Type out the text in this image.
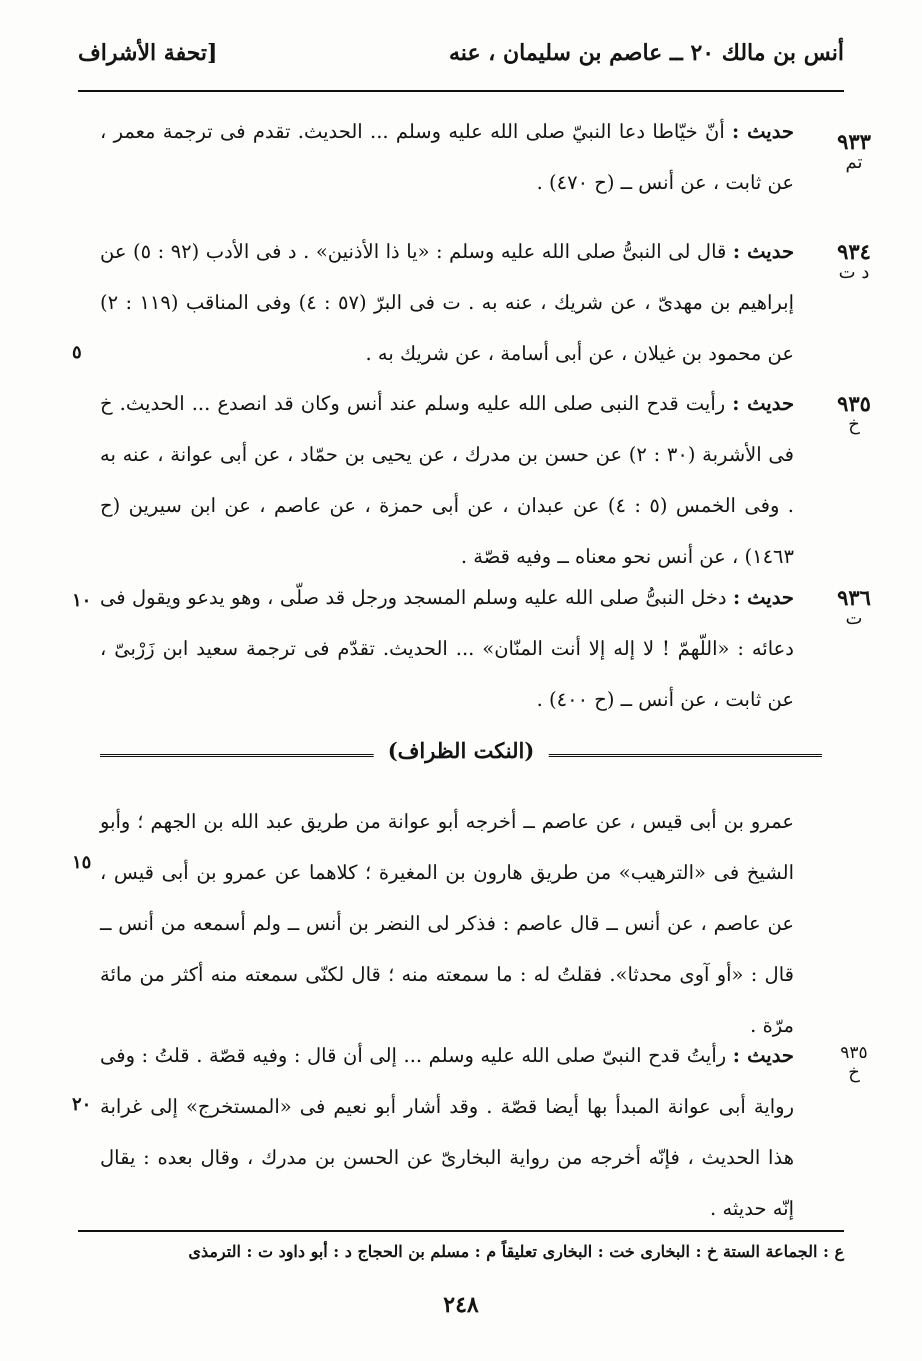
أنس بن مالك ٢٠ ــ عاصم بن سليمان ، عنه
[تحفة الأشراف
٩٣٣
تم
حديث : أنّ خيّاطا دعا النبيّ صلى الله عليه وسلم ... الحديث. تقدم فى ترجمة معمر ، عن ثابت ، عن أنس ــ (ح ٤٧٠) .
٩٣٤
د ت
حديث : قال لى النبىُّ صلى الله عليه وسلم : «يا ذا الأذنين» . د فى الأدب (٩٢ : ٥) عن إبراهيم بن مهدىّ ، عن شريك ، عنه به . ت فى البرّ (٥٧ : ٤) وفى المناقب (١١٩ : ٢) عن محمود بن غيلان ، عن أبى أسامة ، عن شريك به .
٩٣٥
خ
حديث : رأيت قدح النبى صلى الله عليه وسلم عند أنس وكان قد انصدع ... الحديث. خ فى الأشربة (٣٠ : ٢) عن حسن بن مدرك ، عن يحيى بن حمّاد ، عن أبى عوانة ، عنه به . وفى الخمس (٥ : ٤) عن عبدان ، عن أبى حمزة ، عن عاصم ، عن ابن سيرين (ح ١٤٦٣) ، عن أنس نحو معناه ــ وفيه قصّة .
٩٣٦
ت
حديث : دخل النبىُّ صلى الله عليه وسلم المسجد ورجل قد صلّى ، وهو يدعو ويقول فى دعائه : «اللّهمّ ! لا إله إلا أنت المنّان» ... الحديث. تقدّم فى ترجمة سعيد ابن زَرْبىّ ، عن ثابت ، عن أنس ــ (ح ٤٠٠) .
(النكت الظراف)
عمرو بن أبى قيس ، عن عاصم ــ أخرجه أبو عوانة من طريق عبد الله بن الجهم ؛ وأبو الشيخ فى «الترهيب» من طريق هارون بن المغيرة ؛ كلاهما عن عمرو بن أبى قيس ، عن عاصم ، عن أنس ــ قال عاصم : فذكر لى النضر بن أنس ــ ولم أسمعه من أنس ــ قال : «أو آوى محدثا». فقلتُ له : ما سمعته منه ؛ قال لكنّى سمعته منه أكثر من مائة مرّة .
٩٣٥
خ
حديث : رأيتُ قدح النبىّ صلى الله عليه وسلم ... إلى أن قال : وفيه قصّة . قلتُ : وفى رواية أبى عوانة المبدأ بها أيضا قصّة . وقد أشار أبو نعيم فى «المستخرج» إلى غرابة هذا الحديث ، فإنّه أخرجه من رواية البخارىّ عن الحسن بن مدرك ، وقال بعده : يقال إنّه حديثه .
٥
١٠
١٥
٢٠
ع : الجماعة الستة خ : البخارى خت : البخارى تعليقاً م : مسلم بن الحجاج د : أبو داود ت : الترمذى
٢٤٨
